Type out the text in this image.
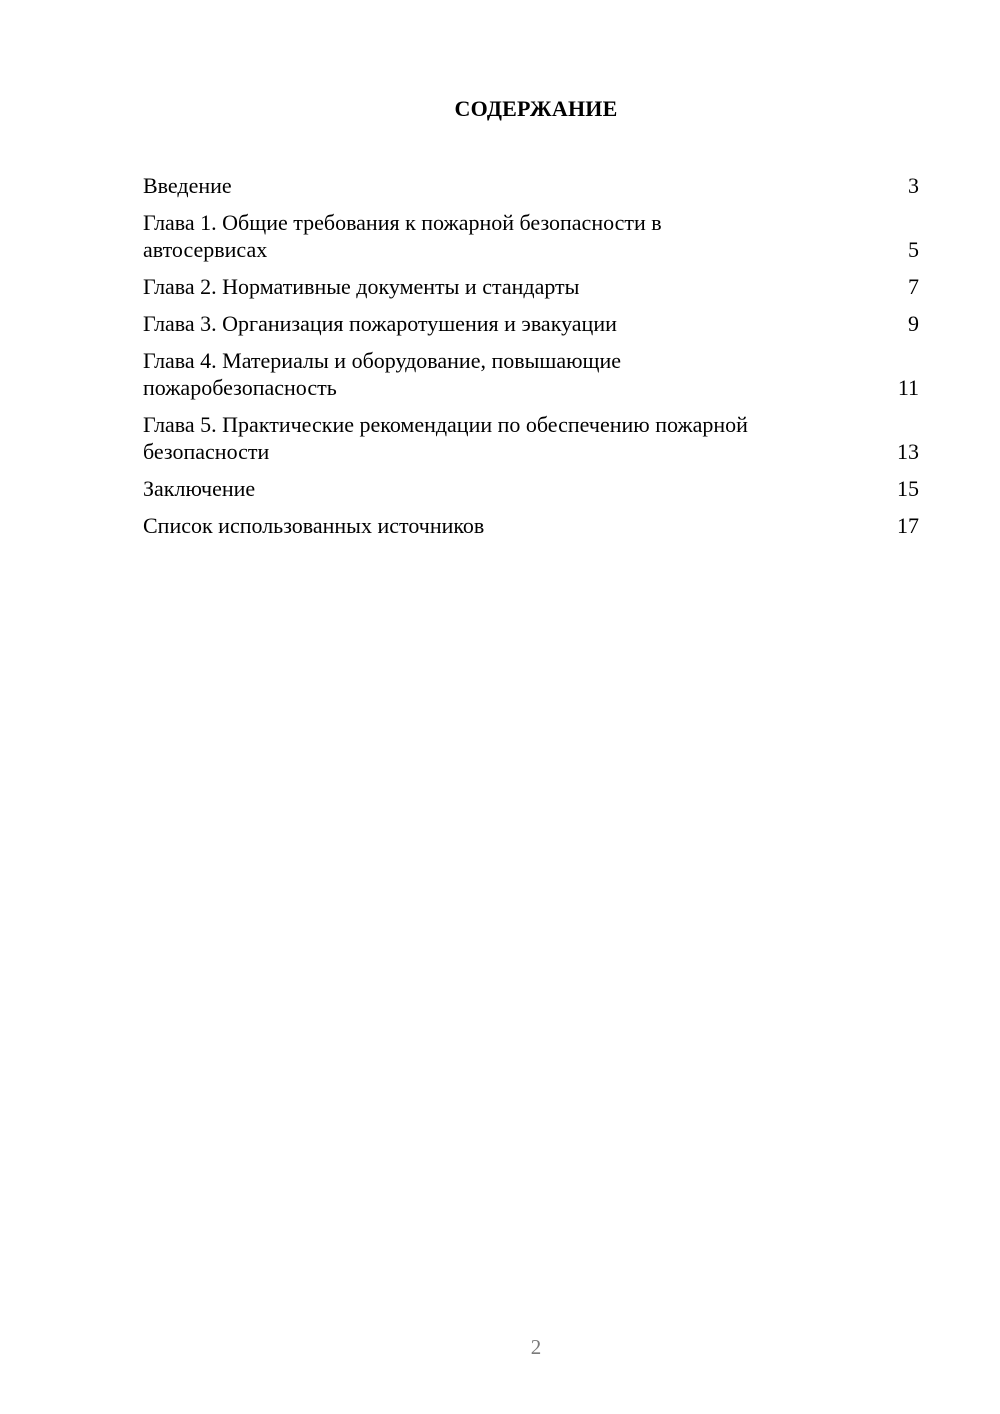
СОДЕРЖАНИЕ
Введение	3
Глава 1. Общие требования к пожарной безопасности в автосервисах	5
Глава 2. Нормативные документы и стандарты	7
Глава 3. Организация пожаротушения и эвакуации	9
Глава 4. Материалы и оборудование, повышающие пожаробезопасность	11
Глава 5. Практические рекомендации по обеспечению пожарной безопасности	13
Заключение	15
Список использованных источников	17
2
